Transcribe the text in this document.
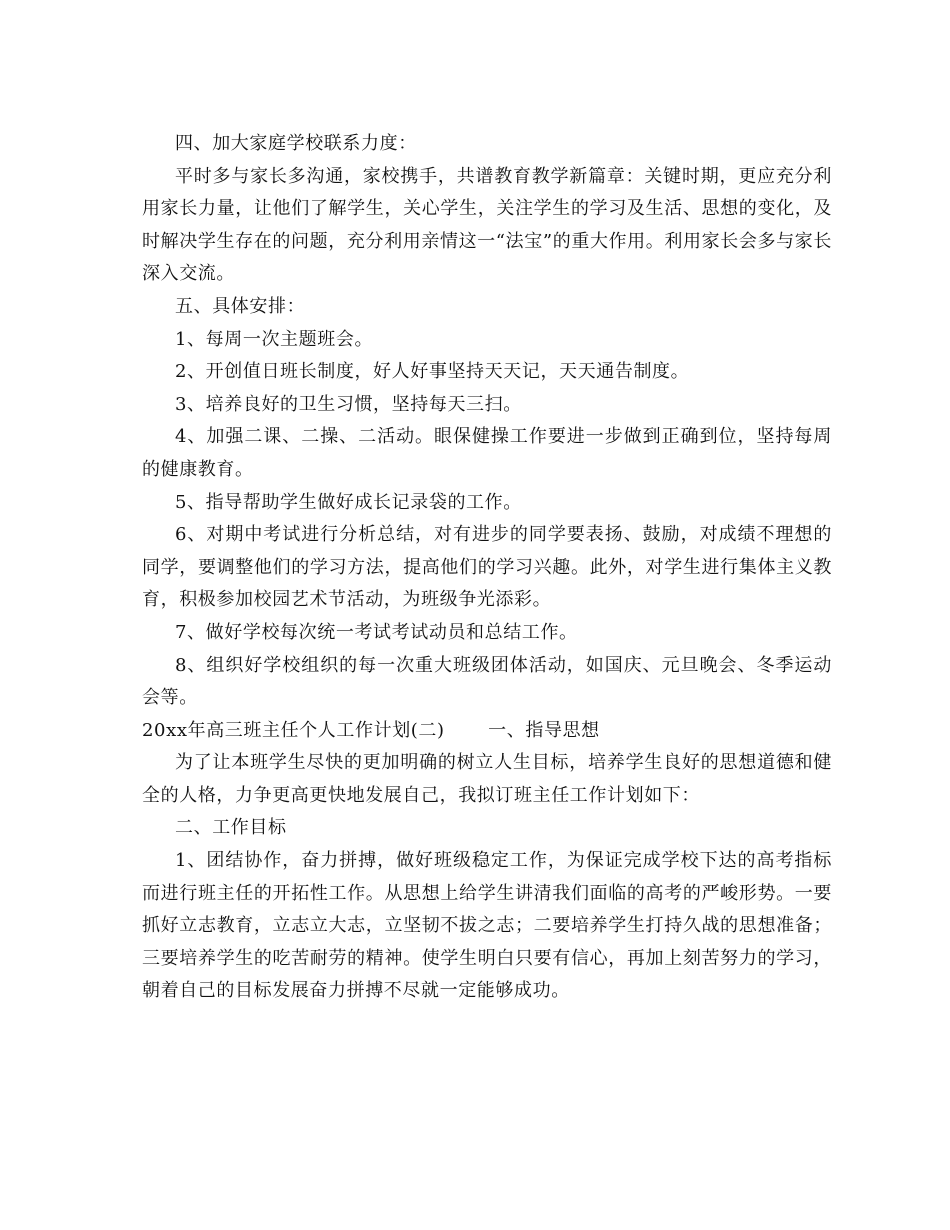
四、加大家庭学校联系力度：

平时多与家长多沟通，家校携手，共谱教育教学新篇章：关键时期，更应充分利用家长力量，让他们了解学生，关心学生，关注学生的学习及生活、思想的变化，及时解决学生存在的问题，充分利用亲情这一“法宝”的重大作用。利用家长会多与家长深入交流。

五、具体安排：

1、每周一次主题班会。

2、开创值日班长制度，好人好事坚持天天记，天天通告制度。

3、培养良好的卫生习惯，坚持每天三扫。

4、加强二课、二操、二活动。眼保健操工作要进一步做到正确到位，坚持每周的健康教育。

5、指导帮助学生做好成长记录袋的工作。

6、对期中考试进行分析总结，对有进步的同学要表扬、鼓励，对成绩不理想的同学，要调整他们的学习方法，提高他们的学习兴趣。此外，对学生进行集体主义教育，积极参加校园艺术节活动，为班级争光添彩。

7、做好学校每次统一考试考试动员和总结工作。

8、组织好学校组织的每一次重大班级团体活动，如国庆、元旦晚会、冬季运动会等。

20xx年高三班主任个人工作计划(二)　　 一、指导思想

为了让本班学生尽快的更加明确的树立人生目标，培养学生良好的思想道德和健全的人格，力争更高更快地发展自己，我拟订班主任工作计划如下：

二、工作目标

1、团结协作，奋力拼搏，做好班级稳定工作，为保证完成学校下达的高考指标而进行班主任的开拓性工作。从思想上给学生讲清我们面临的高考的严峻形势。一要抓好立志教育，立志立大志，立坚韧不拔之志；二要培养学生打持久战的思想准备；三要培养学生的吃苦耐劳的精神。使学生明白只要有信心，再加上刻苦努力的学习，朝着自己的目标发展奋力拼搏不尽就一定能够成功。
